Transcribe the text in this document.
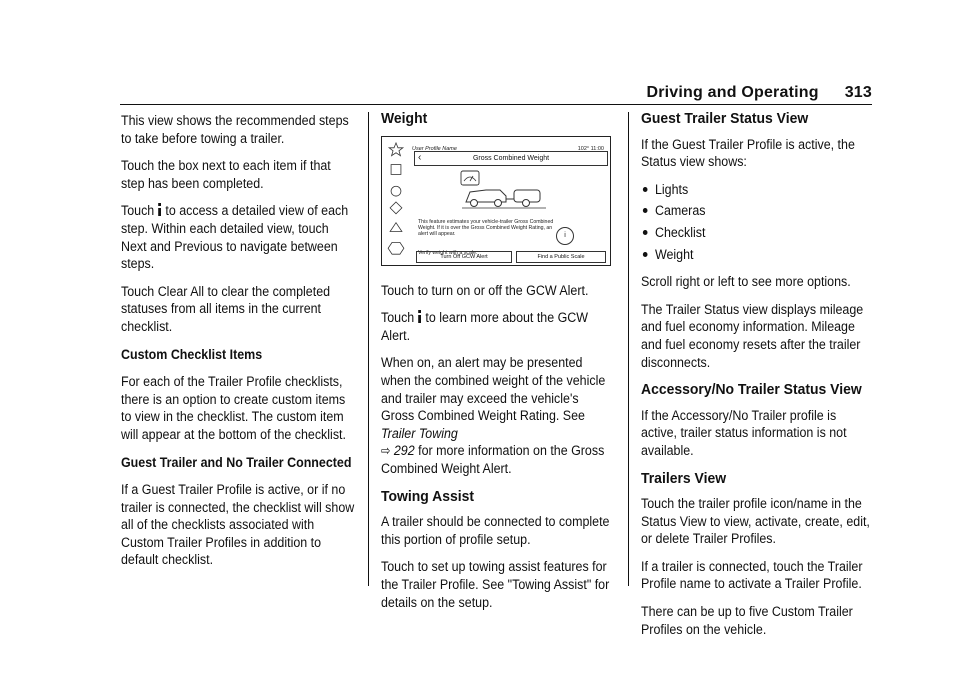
Driving and Operating 313

This view shows the recommended steps to take before towing a trailer.

Touch the box next to each item if that step has been completed.

Touch to access a detailed view of each step. Within each detailed view, touch Next and Previous to navigate between steps.

Touch Clear All to clear the completed statuses from all items in the current checklist.

Custom Checklist Items

For each of the Trailer Profile checklists, there is an option to create custom items to view in the checklist. The custom item will appear at the bottom of the checklist.

Guest Trailer and No Trailer Connected

If a Guest Trailer Profile is active, or if no trailer is connected, the checklist will show all of the checklists associated with Custom Trailer Profiles in addition to default checklist.

Weight
User Profile Name	102° 11:00
Gross Combined Weight
‹
This feature estimates your vehicle-trailer Gross Combined Weight. If it is over the Gross Combined Weight Rating, an alert will appear.	i
Verify weight with a scale.
Turn Off GCW Alert	Find a Public Scale

Touch to turn on or off the GCW Alert.

Touch to learn more about the GCW Alert.

When on, an alert may be presented when the combined weight of the vehicle and trailer may exceed the vehicle's Gross Combined Weight Rating. See Trailer Towing
⇨ 292 for more information on the Gross Combined Weight Alert.

Towing Assist

A trailer should be connected to complete this portion of profile setup.

Touch to set up towing assist features for the Trailer Profile. See "Towing Assist" for details on the setup.

Guest Trailer Status View

If the Guest Trailer Profile is active, the Status view shows:

Lights
Cameras
Checklist
Weight

Scroll right or left to see more options.

The Trailer Status view displays mileage and fuel economy information. Mileage and fuel economy resets after the trailer disconnects.

Accessory/No Trailer Status View

If the Accessory/No Trailer profile is active, trailer status information is not available.

Trailers View

Touch the trailer profile icon/name in the Status View to view, activate, create, edit, or delete Trailer Profiles.

If a trailer is connected, touch the Trailer Profile name to activate a Trailer Profile.

There can be up to five Custom Trailer Profiles on the vehicle.
